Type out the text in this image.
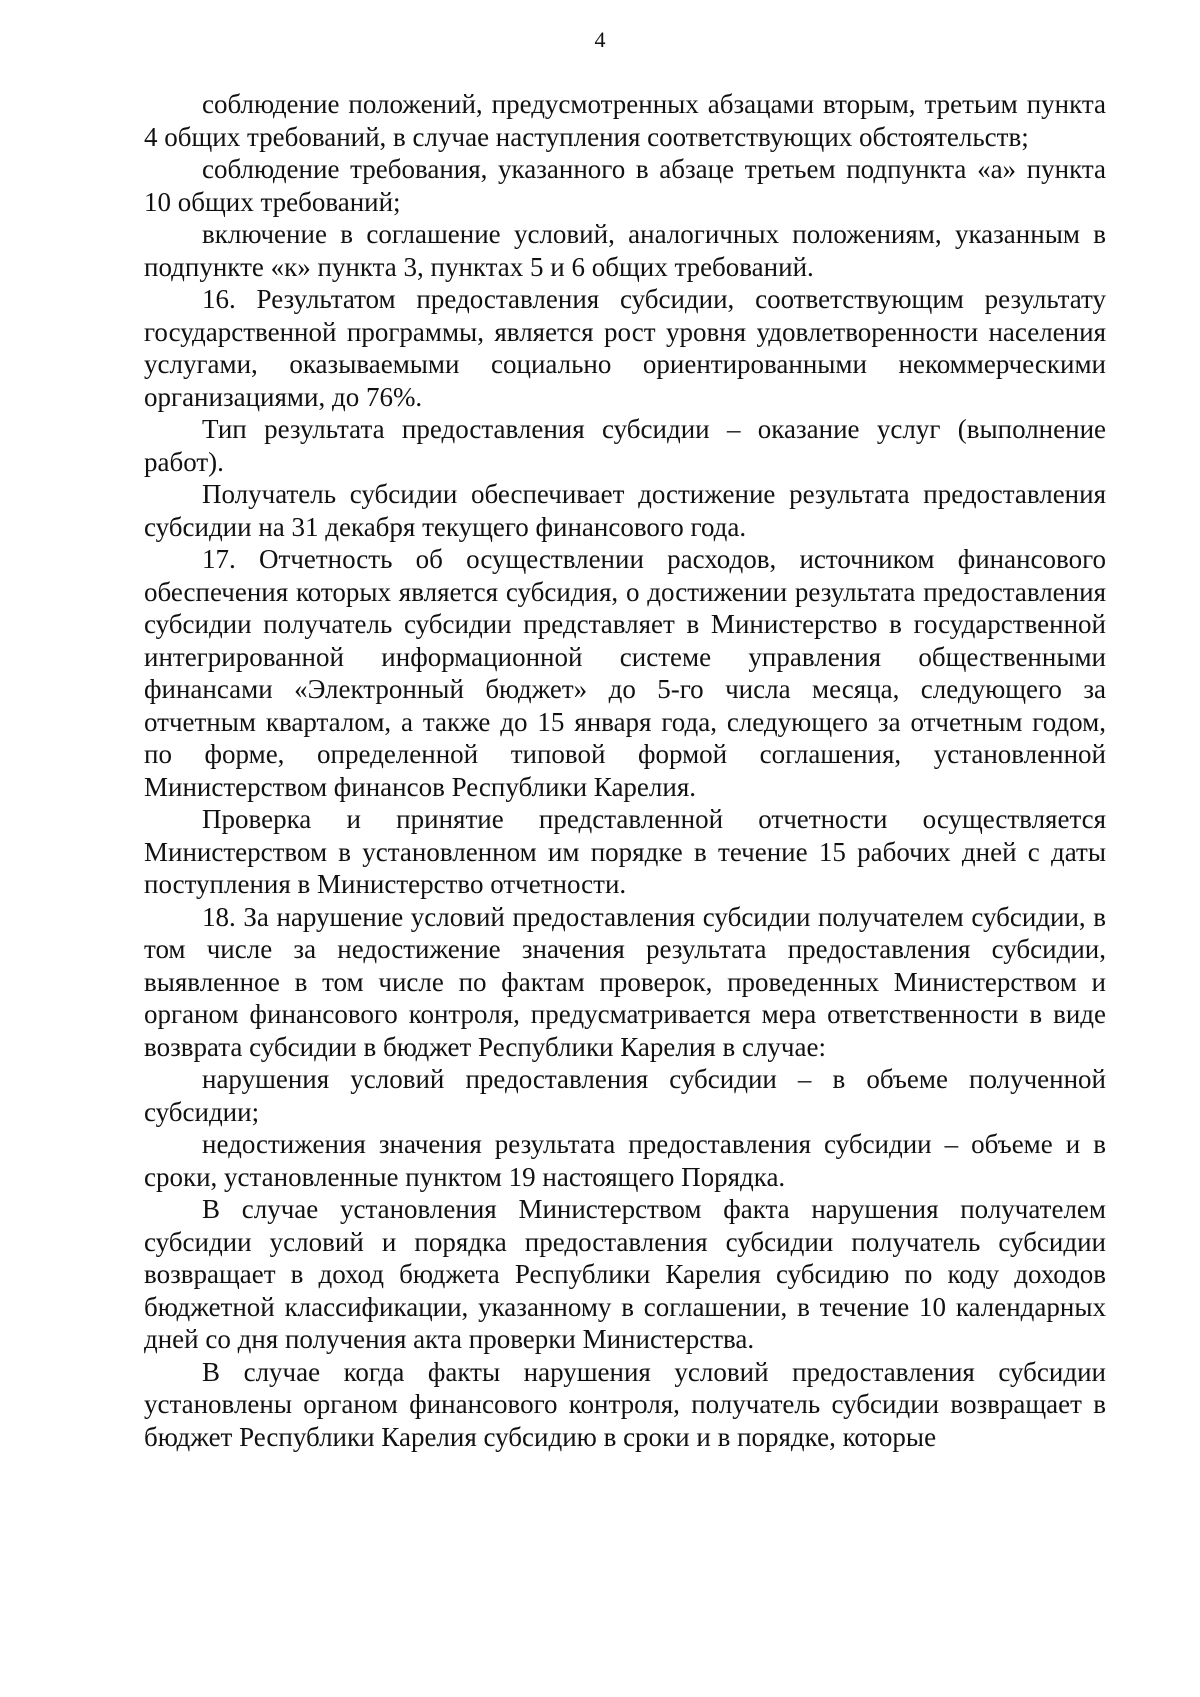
4

соблюдение положений, предусмотренных абзацами вторым, третьим пункта 4 общих требований, в случае наступления соответствующих обстоятельств;

соблюдение требования, указанного в абзаце третьем подпункта «а» пункта 10 общих требований;

включение в соглашение условий, аналогичных положениям, указанным в подпункте «к» пункта 3, пунктах 5 и 6 общих требований.

16. Результатом предоставления субсидии, соответствующим результату государственной программы, является рост уровня удовлетворенности населения услугами, оказываемыми социально ориентированными некоммерческими организациями, до 76%.

Тип результата предоставления субсидии – оказание услуг (выполнение работ).

Получатель субсидии обеспечивает достижение результата предоставления субсидии на 31 декабря текущего финансового года.

17. Отчетность об осуществлении расходов, источником финансового обеспечения которых является субсидия, о достижении результата предоставления субсидии получатель субсидии представляет в Министерство в государственной интегрированной информационной системе управления общественными финансами «Электронный бюджет» до 5-го числа месяца, следующего за отчетным кварталом, а также до 15 января года, следующего за отчетным годом, по форме, определенной типовой формой соглашения, установленной Министерством финансов Республики Карелия.

Проверка и принятие представленной отчетности осуществляется Министерством в установленном им порядке в течение 15 рабочих дней с даты поступления в Министерство отчетности.

18. За нарушение условий предоставления субсидии получателем субсидии, в том числе за недостижение значения результата предоставления субсидии, выявленное в том числе по фактам проверок, проведенных Министерством и органом финансового контроля, предусматривается мера ответственности в виде возврата субсидии в бюджет Республики Карелия в случае:

нарушения условий предоставления субсидии – в объеме полученной субсидии;

недостижения значения результата предоставления субсидии – объеме и в сроки, установленные пунктом 19 настоящего Порядка.

В случае установления Министерством факта нарушения получателем субсидии условий и порядка предоставления субсидии получатель субсидии возвращает в доход бюджета Республики Карелия субсидию по коду доходов бюджетной классификации, указанному в соглашении, в течение 10 календарных дней со дня получения акта проверки Министерства.

В случае когда факты нарушения условий предоставления субсидии установлены органом финансового контроля, получатель субсидии возвращает в бюджет Республики Карелия субсидию в сроки и в порядке, которые
